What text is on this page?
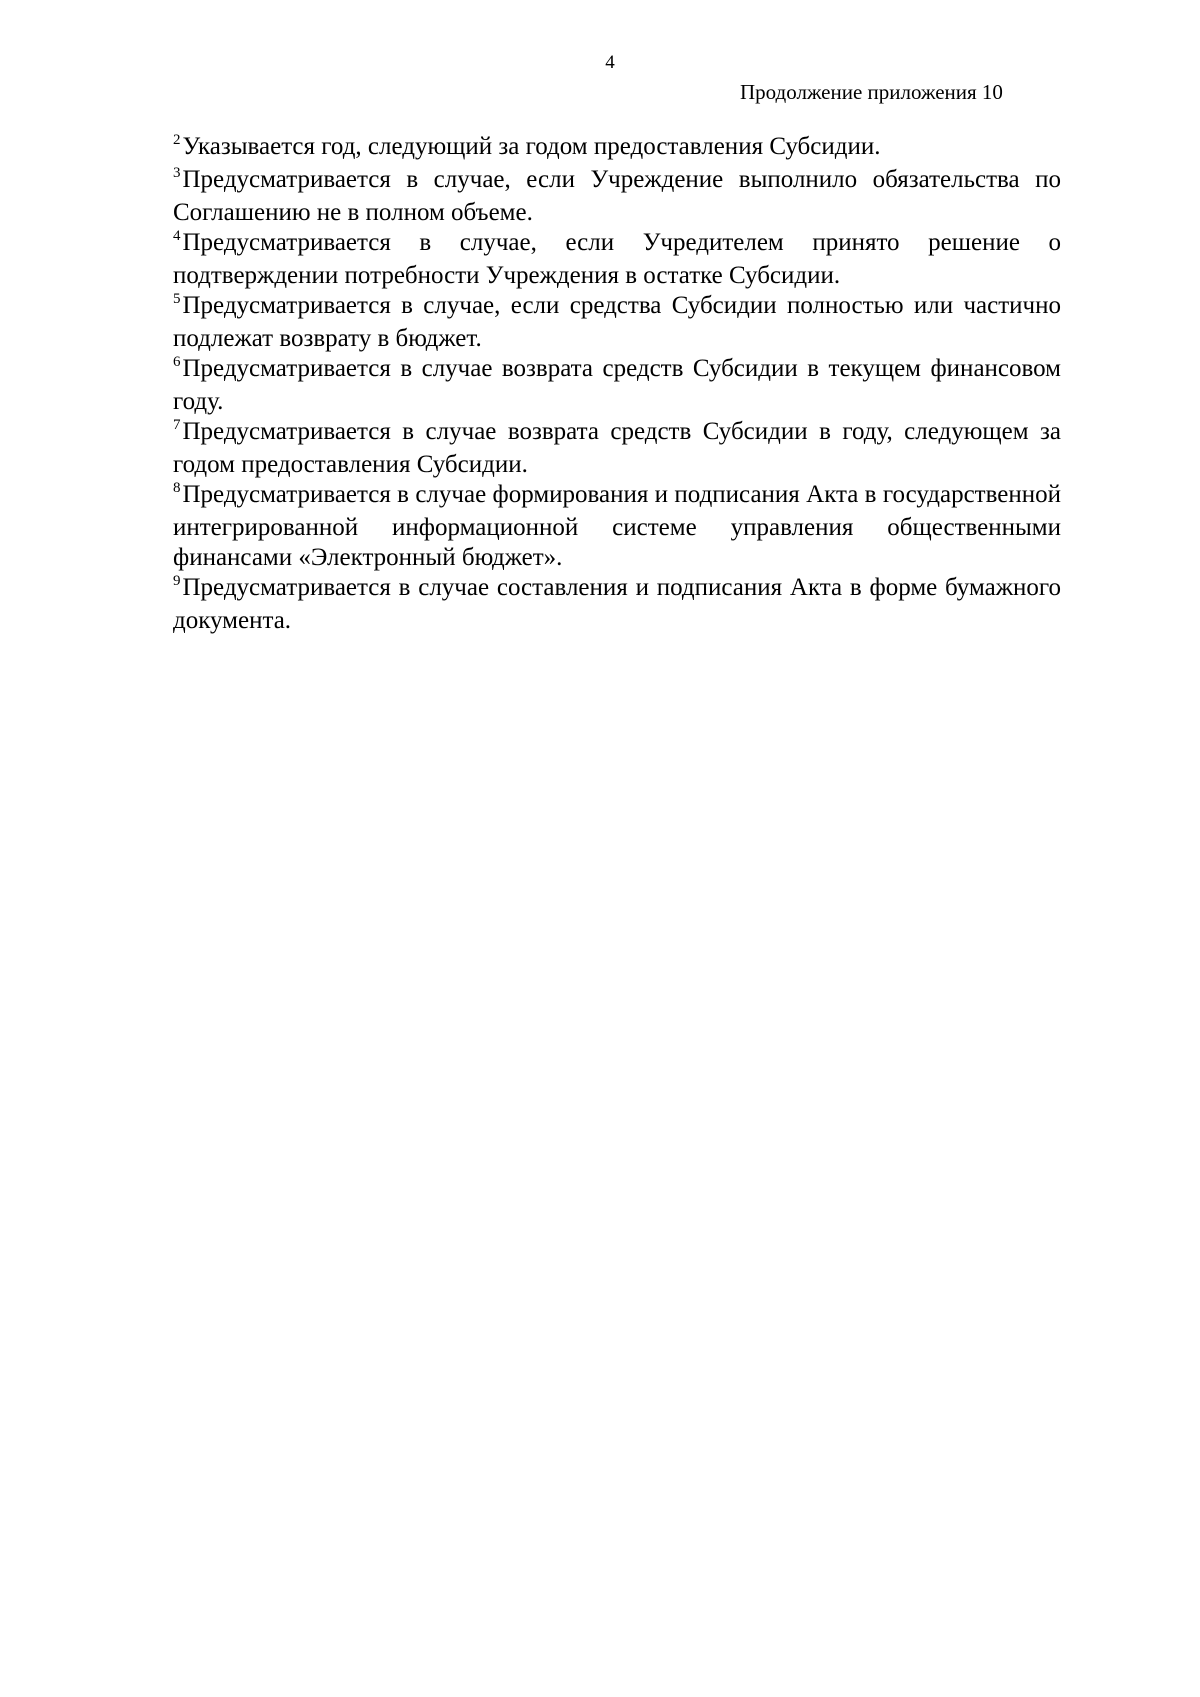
4
Продолжение приложения 10

$^2$Указывается год, следующий за годом предоставления Субсидии.

$^3$Предусматривается в случае, если Учреждение выполнило обязательства по Соглашению не в полном объеме.

$^4$Предусматривается в случае, если Учредителем принято решение о подтверждении потребности Учреждения в остатке Субсидии.

$^5$Предусматривается в случае, если средства Субсидии полностью или частично подлежат возврату в бюджет.

$^6$Предусматривается в случае возврата средств Субсидии в текущем финансовом году.

$^7$Предусматривается в случае возврата средств Субсидии в году, следующем за годом предоставления Субсидии.

$^8$Предусматривается в случае формирования и подписания Акта в государственной интегрированной информационной системе управления общественными финансами «Электронный бюджет».

$^9$Предусматривается в случае составления и подписания Акта в форме бумажного документа.
